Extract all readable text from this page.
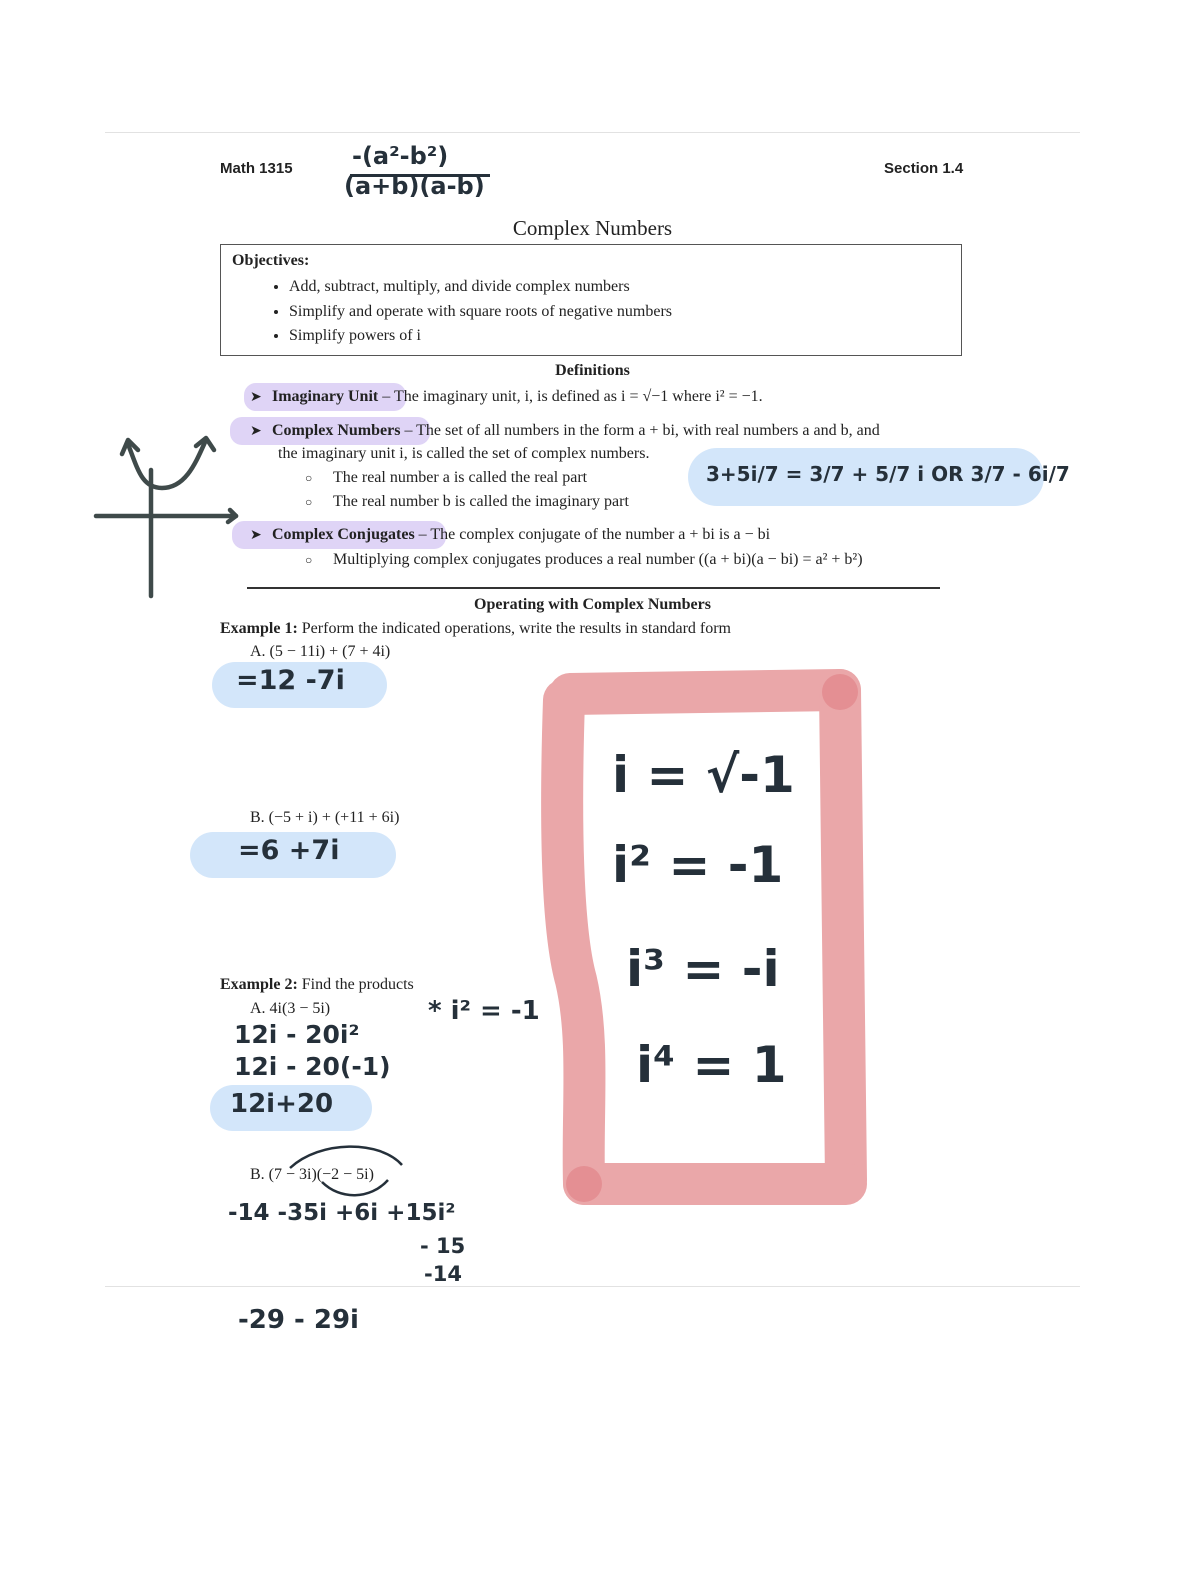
Math 1315	Section 1.4
Complex Numbers
-(a²-b²)
(a+b)(a-b)
Objectives:
• Add, subtract, multiply, and divide complex numbers
• Simplify and operate with square roots of negative numbers
• Simplify powers of i
Definitions
➤ Imaginary Unit – The imaginary unit, i, is defined as i = √−1 where i² = −1.
➤ Complex Numbers – The set of all numbers in the form a + bi, with real numbers a and b, and
the imaginary unit i, is called the set of complex numbers.
○ The real number a is called the real part
○ The real number b is called the imaginary part
➤ Complex Conjugates – The complex conjugate of the number a + bi is a − bi
○ Multiplying complex conjugates produces a real number ((a + bi)(a − bi) = a² + b²)
3+5i/7 = 3/7 + 5/7 i OR 3/7 - 6i/7
Operating with Complex Numbers
Example 1: Perform the indicated operations, write the results in standard form
A. (5 − 11i) + (7 + 4i)
=12 -7i
B. (−5 + i) + (+11 + 6i)
=6 +7i
Example 2: Find the products
A. 4i(3 − 5i)	* i² = -1
12i - 20i²
12i - 20(-1)
12i+20
B. (7 − 3i)(−2 − 5i)
-14 -35i +6i +15i²
- 15
-14
-29 - 29i
i = √-1
i² = -1
i³ = -i
i⁴ = 1
